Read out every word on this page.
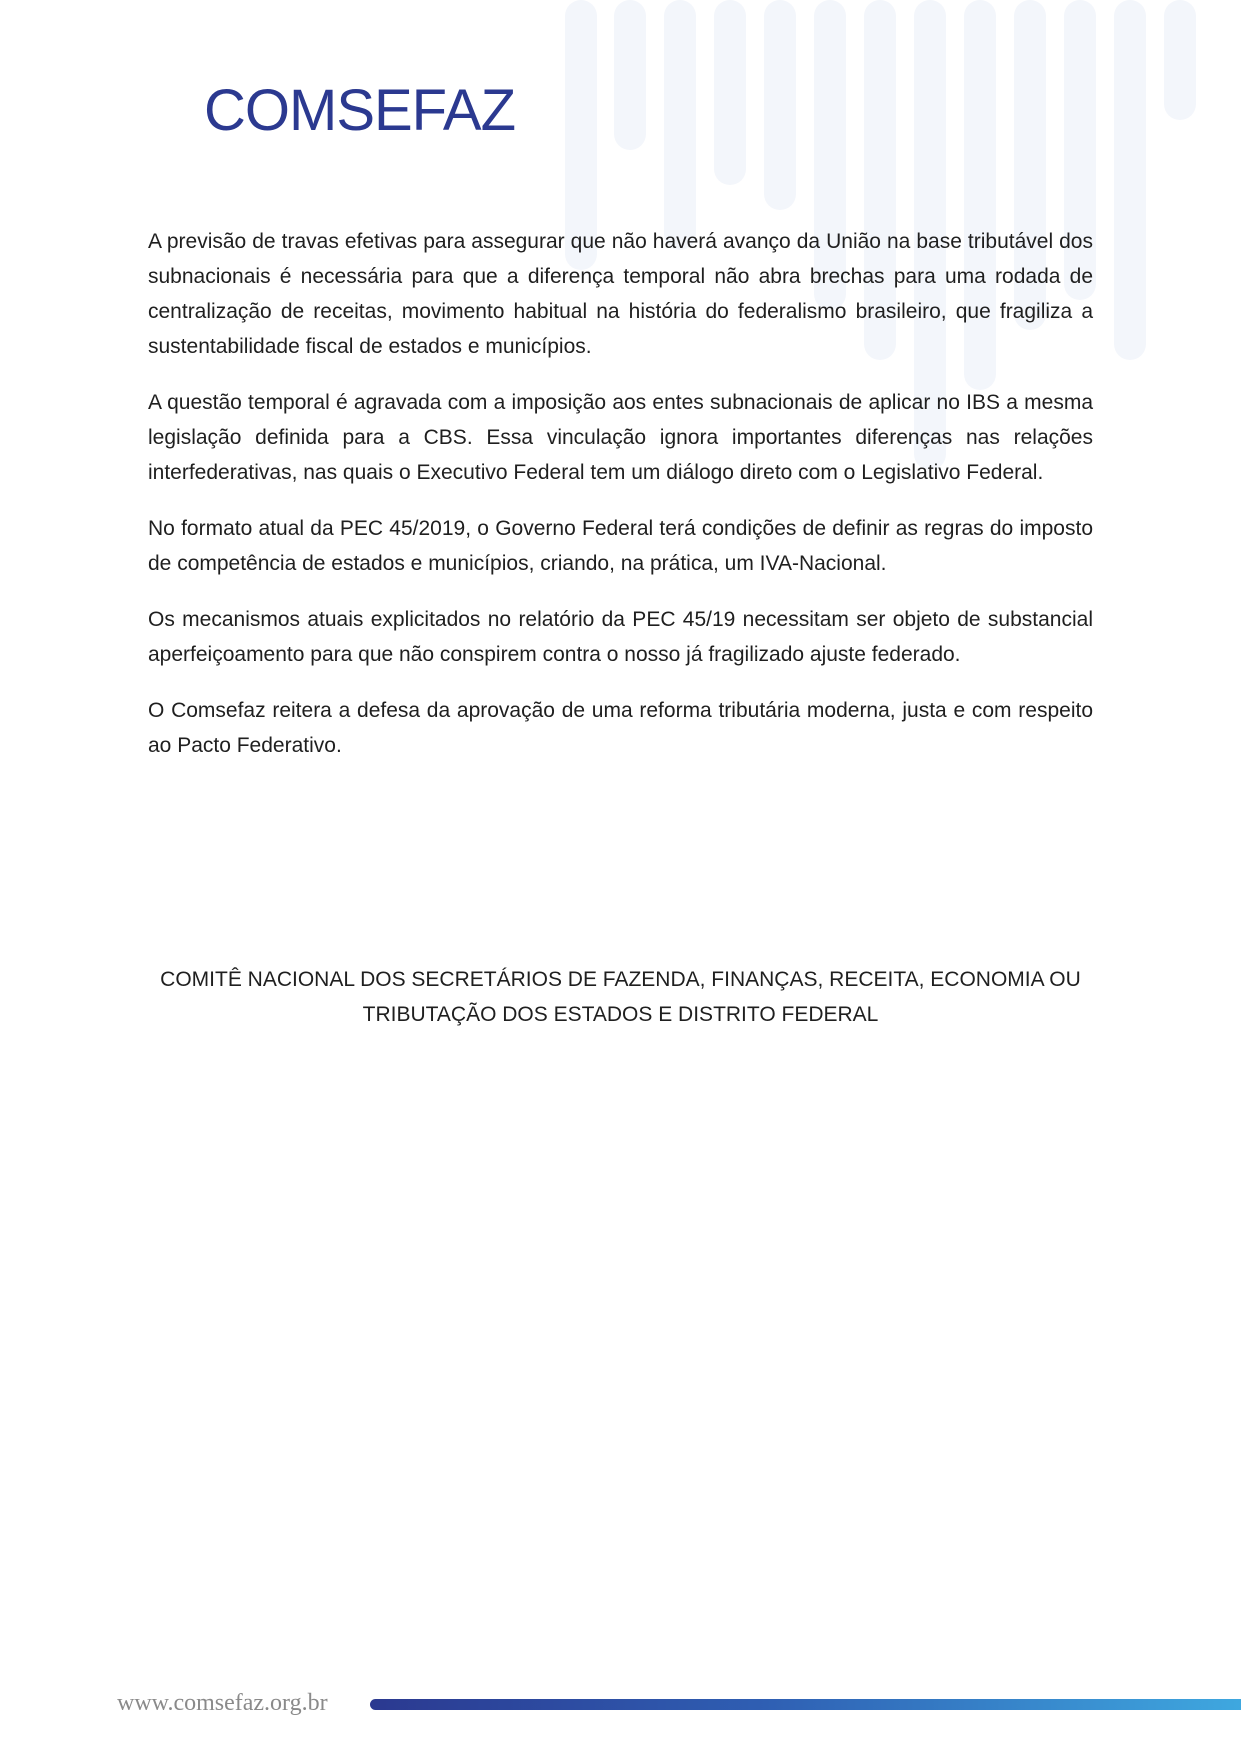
COMSEFAZ

A previsão de travas efetivas para assegurar que não haverá avanço da União na base tributável dos subnacionais é necessária para que a diferença temporal não abra brechas para uma rodada de centralização de receitas, movimento habitual na história do federalismo brasileiro, que fragiliza a sustentabilidade fiscal de estados e municípios.

A questão temporal é agravada com a imposição aos entes subnacionais de aplicar no IBS a mesma legislação definida para a CBS. Essa vinculação ignora importantes diferenças nas relações interfederativas, nas quais o Executivo Federal tem um diálogo direto com o Legislativo Federal.

No formato atual da PEC 45/2019, o Governo Federal terá condições de definir as regras do imposto de competência de estados e municípios, criando, na prática, um IVA-Nacional.

Os mecanismos atuais explicitados no relatório da PEC 45/19 necessitam ser objeto de substancial aperfeiçoamento para que não conspirem contra o nosso já fragilizado ajuste federado.

O Comsefaz reitera a defesa da aprovação de uma reforma tributária moderna, justa e com respeito ao Pacto Federativo.

COMITÊ NACIONAL DOS SECRETÁRIOS DE FAZENDA, FINANÇAS, RECEITA, ECONOMIA OU
TRIBUTAÇÃO DOS ESTADOS E DISTRITO FEDERAL
www.comsefaz.org.br
